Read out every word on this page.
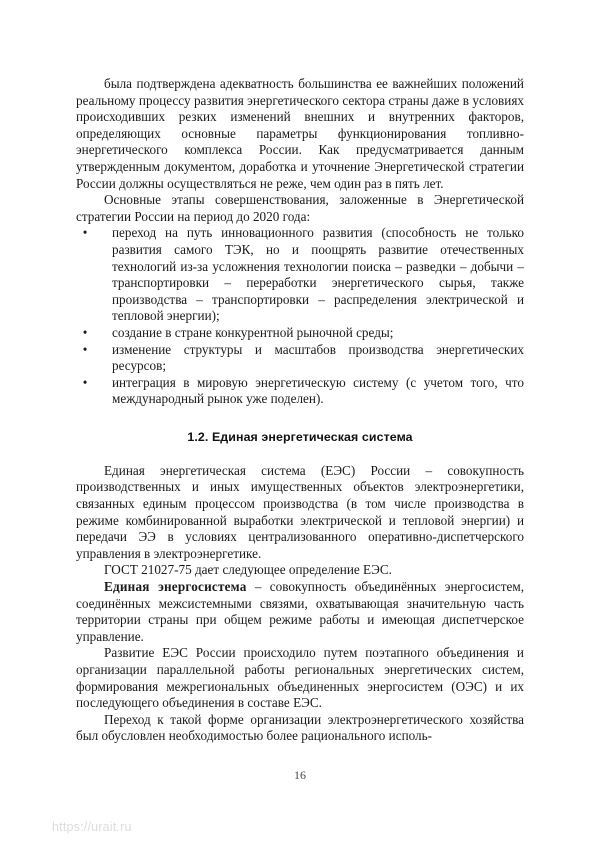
была подтверждена адекватность большинства ее важнейших положений реальному процессу развития энергетического сектора страны даже в условиях происходивших резких изменений внешних и внутренних факторов, определяющих основные параметры функционирования топливно-энергетического комплекса России. Как предусматривается данным утвержденным документом, доработка и уточнение Энергетической стратегии России должны осуществляться не реже, чем один раз в пять лет.

Основные этапы совершенствования, заложенные в Энергетической стратегии России на период до 2020 года:

• переход на путь инновационного развития (способность не только развития самого ТЭК, но и поощрять развитие отечественных технологий из-за усложнения технологии поиска – разведки – добычи – транспортировки – переработки энергетического сырья, также производства – транспортировки – распределения электрической и тепловой энергии);
• создание в стране конкурентной рыночной среды;
• изменение структуры и масштабов производства энергетических ресурсов;
• интеграция в мировую энергетическую систему (с учетом того, что международный рынок уже поделен).
1.2. Единая энергетическая система

Единая энергетическая система (ЕЭС) России – совокупность производственных и иных имущественных объектов электроэнергетики, связанных единым процессом производства (в том числе производства в режиме комбинированной выработки электрической и тепловой энергии) и передачи ЭЭ в условиях централизованного оперативно-диспетчерского управления в электроэнергетике.

ГОСТ 21027-75 дает следующее определение ЕЭС.

Единая энергосистема – совокупность объединённых энергосистем, соединённых межсистемными связями, охватывающая значительную часть территории страны при общем режиме работы и имеющая диспетчерское управление.

Развитие ЕЭС России происходило путем поэтапного объединения и организации параллельной работы региональных энергетических систем, формирования межрегиональных объединенных энергосистем (ОЭС) и их последующего объединения в составе ЕЭС.

Переход к такой форме организации электроэнергетического хозяйства был обусловлен необходимостью более рационального исполь-

16
https://urait.ru
